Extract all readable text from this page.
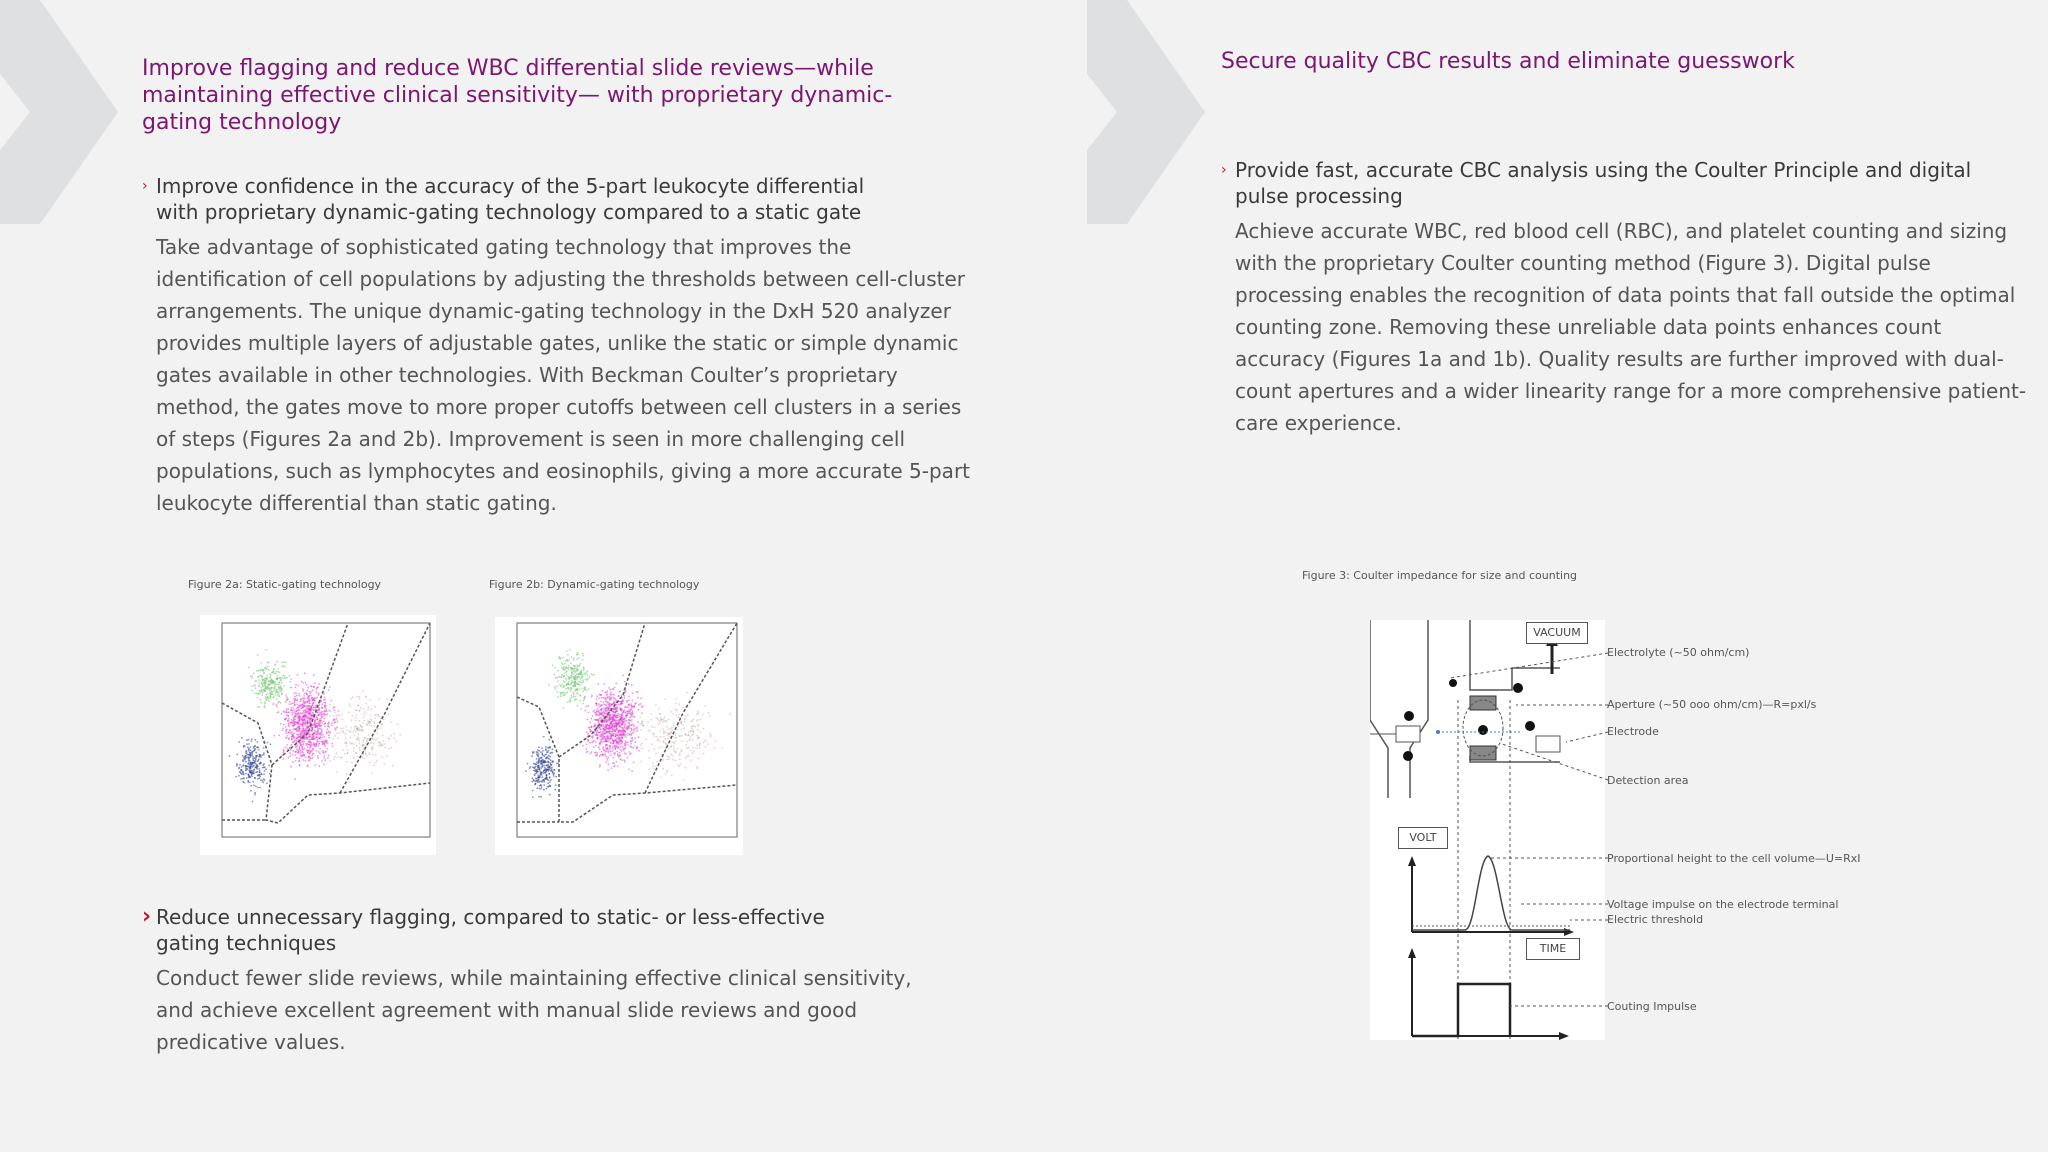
Improve flagging and reduce WBC differential slide reviews—while maintaining effective clinical sensitivity— with proprietary dynamic-gating technology

› Improve confidence in the accuracy of the 5-part leukocyte differential with proprietary dynamic-gating technology compared to a static gate

Take advantage of sophisticated gating technology that improves the identification of cell populations by adjusting the thresholds between cell-cluster arrangements. The unique dynamic-gating technology in the DxH 520 analyzer provides multiple layers of adjustable gates, unlike the static or simple dynamic gates available in other technologies. With Beckman Coulter’s proprietary method, the gates move to more proper cutoffs between cell clusters in a series of steps (Figures 2a and 2b). Improvement is seen in more challenging cell populations, such as lymphocytes and eosinophils, giving a more accurate 5-part leukocyte differential than static gating.

Figure 2a: Static-gating technology	Figure 2b: Dynamic-gating technology

› Reduce unnecessary flagging, compared to static- or less-effective gating techniques

Conduct fewer slide reviews, while maintaining effective clinical sensitivity, and achieve excellent agreement with manual slide reviews and good predicative values.

Secure quality CBC results and eliminate guesswork

› Provide fast, accurate CBC analysis using the Coulter Principle and digital pulse processing

Achieve accurate WBC, red blood cell (RBC), and platelet counting and sizing with the proprietary Coulter counting method (Figure 3). Digital pulse processing enables the recognition of data points that fall outside the optimal counting zone. Removing these unreliable data points enhances count accuracy (Figures 1a and 1b). Quality results are further improved with dual-count apertures and a wider linearity range for a more comprehensive patient-care experience.

Figure 3: Coulter impedance for size and counting
VACUUM
VOLT
TIME
Electrolyte (~50 ohm/cm)
Aperture (~50 ooo ohm/cm)—R=pxl/s
Electrode
Detection area
Proportional height to the cell volume—U=RxI
Voltage impulse on the electrode terminal
Electric threshold
Couting Impulse
